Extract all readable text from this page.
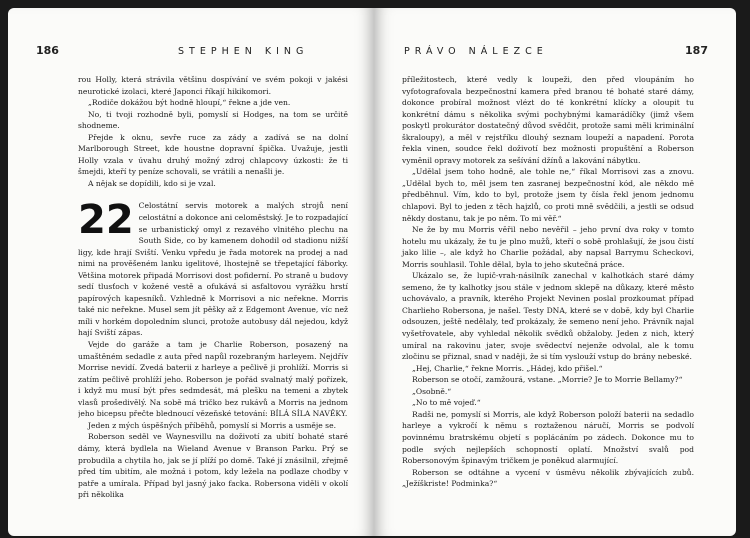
186	STEPHEN KING

rou Holly, která strávila většinu dospívání ve svém pokoji v jakési neurotické izolaci, které Japonci říkají hikikomori.

„Rodiče dokážou být hodně hloupí,“ řekne a jde ven.

No, ti tvoji rozhodně byli, pomyslí si Hodges, na tom se určitě shodneme.

Přejde k oknu, sevře ruce za zády a zadívá se na dolní Marlborough Street, kde houstne dopravní špička. Uvažuje, jestli Holly vzala v úvahu druhý možný zdroj chlapcovy úzkosti: že ti šmejdi, kteří ty peníze schovali, se vrátili a nenašli je.

A nějak se dopídili, kdo si je vzal.

22 Celostátní servis motorek a malých strojů není celostátní a dokonce ani celoměstský. Je to rozpadající se urbanistický omyl z rezavého vlnitého plechu na South Side, co by kamenem dohodil od stadionu nižší ligy, kde hrají Sviští. Venku vpředu je řada motorek na prodej a nad nimi na prověšeném lanku igelitové, lhostejně se třepetající fáborky. Většina motorek připadá Morrisovi dost pofiderní. Po straně u budovy sedí tlusťoch v kožené vestě a ofukává si asfaltovou vyrážku hrstí papírových kapesníků. Vzhledně k Morrisovi a nic neřekne. Morris také nic neřekne. Musel sem jít pěšky až z Edgemont Avenue, víc než míli v horkém dopoledním slunci, protože autobusy dál nejedou, když hají Sviští zápas.

Vejde do garáže a tam je Charlie Roberson, posazený na umaštěném sedadle z auta před napůl rozebraným harleyem. Nejdřív Morrise nevidí. Zvedá baterii z harleye a pečlivě ji prohlíží. Morris si zatím pečlivě prohlíží jeho. Roberson je pořád svalnatý malý pořízek, i když mu musí být přes sedmdesát, má plešku na temeni a zbytek vlasů prošedivělý. Na sobě má tričko bez rukávů a Morris na jednom jeho bicepsu přečte blednoucí vězeňské tetování: BÍLÁ SÍLA NAVĚKY.

Jeden z mých úspěšných příběhů, pomyslí si Morris a usměje se.

Roberson seděl ve Waynesvillu na doživotí za ubití bohaté staré dámy, která bydlela na Wieland Avenue v Branson Parku. Prý se probudila a chytila ho, jak se jí plíží po domě. Také jí znásilnil, zřejmě před tím ubitím, ale možná i potom, kdy ležela na podlaze chodby v patře a umírala. Případ byl jasný jako facka. Robersona viděli v okolí při několika

PRÁVO NÁLEZCE	187

příležitostech, které vedly k loupeži, den před vloupáním ho vyfotografovala bezpečnostní kamera před branou té bohaté staré dámy, dokonce probíral možnost vlézt do té konkrétní klícky a oloupit tu konkrétní dámu s několika svými pochybnými kamarádíčky (jimž všem poskytl prokurátor dostatečný důvod svědčit, protože sami měli kriminální škraloupy), a měl v rejstříku dlouhý seznam loupeží a napadení. Porota řekla vinen, soudce řekl doživotí bez možnosti propuštění a Roberson vyměnil opravy motorek za sešívání džínů a lakování nábytku.

„Udělal jsem toho hodně, ale tohle ne,“ říkal Morrisovi zas a znovu. „Udělal bych to, měl jsem ten zasranej bezpečnostní kód, ale někdo mě předběhnul. Vím, kdo to byl, protože jsem ty čísla řekl jenom jednomu chlapovi. Byl to jeden z těch hajzlů, co proti mně svědčili, a jestli se odsud někdy dostanu, tak je po něm. To mi věř.“

Ne že by mu Morris věřil nebo nevěřil – jeho první dva roky v tomto hotelu mu ukázaly, že tu je plno mužů, kteří o sobě prohlašují, že jsou čistí jako lilie –, ale když ho Charlie požádal, aby napsal Barrymu Scheckovi, Morris souhlasil. Tohle dělal, byla to jeho skutečná práce.

Ukázalo se, že lupič-vrah-násilník zanechal v kalhotkách staré dámy semeno, že ty kalhotky jsou stále v jednom sklepě na důkazy, které město uchovávalo, a pravník, kterého Projekt Nevinen poslal prozkoumat případ Charlieho Robersona, je našel. Testy DNA, které se v době, kdy byl Charlie odsouzen, ještě nedělaly, teď prokázaly, že semeno není jeho. Právník najal vyšetřovatele, aby vyhledal několik svědků obžaloby. Jeden z nich, který umíral na rakovinu jater, svoje svědectví nejenže odvolal, ale k tomu zločinu se přiznal, snad v naději, že si tím vyslouží vstup do brány nebeské.

„Hej, Charlie,“ řekne Morris. „Hádej, kdo přišel.“

Roberson se otočí, zamžourá, vstane. „Morrie? Je to Morrie Bellamy?“

„Osobně.“

„No to mě vojeď.“

Radši ne, pomyslí si Morris, ale když Roberson položí baterii na sedadlo harleye a vykročí k němu s roztaženou náručí, Morris se podvolí povinnému bratrskému objetí s poplácáním po zádech. Dokonce mu to podle svých nejlepších schopností oplatí. Množství svalů pod Robersonovým špinavým tričkem je poněkud alarmující.

Roberson se odtáhne a vycení v úsměvu několik zbývajících zubů. „Ježíškriste! Podminka?“
